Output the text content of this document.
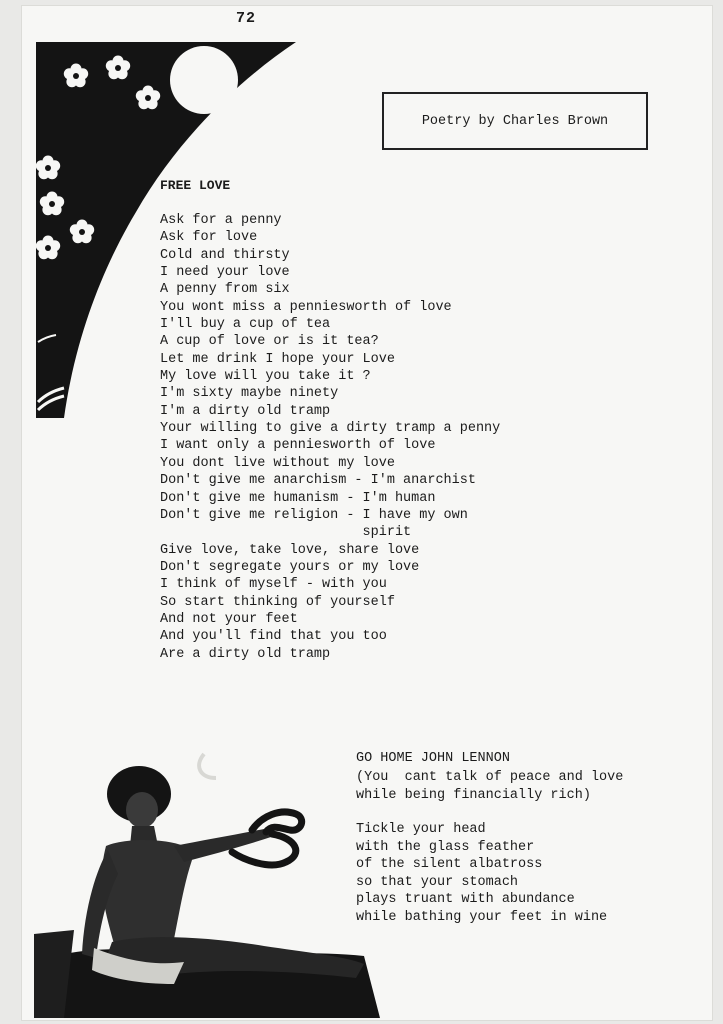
72
Poetry by Charles Brown
FREE LOVE
Ask for a penny
Ask for love
Cold and thirsty
I need your love
A penny from six
You wont miss a penniesworth of love
I'll buy a cup of tea
A cup of love or is it tea?
Let me drink I hope your Love
My love will you take it ?
I'm sixty maybe ninety
I'm a dirty old tramp
Your willing to give a dirty tramp a penny
I want only a penniesworth of love
You dont live without my love
Don't give me anarchism - I'm anarchist
Don't give me humanism - I'm human
Don't give me religion - I have my own
spirit
Give love, take love, share love
Don't segregate yours or my love
I think of myself - with you
So start thinking of yourself
And not your feet
And you'll find that you too
Are a dirty old tramp
GO HOME JOHN LENNON
(You  cant talk of peace and love
while being financially rich)
Tickle your head
with the glass feather
of the silent albatross
so that your stomach
plays truant with abundance
while bathing your feet in wine
